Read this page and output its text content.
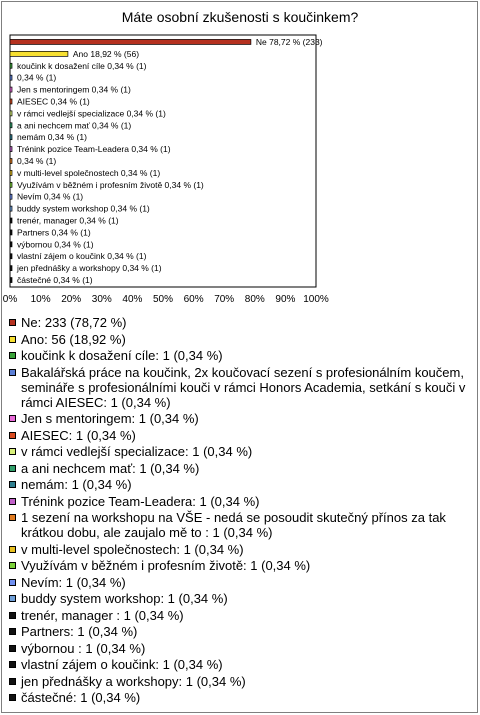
Máte osobní zkušenosti s koučinkem?
Ne 78,72 % (233)
Ano 18,92 % (56)
koučink k dosažení cíle 0,34 % (1)
0,34 % (1)
Jen s mentoringem 0,34 % (1)
AIESEC 0,34 % (1)
v rámci vedlejší specializace 0,34 % (1)
a ani nechcem mať 0,34 % (1)
nemám 0,34 % (1)
Trénink pozice Team-Leadera 0,34 % (1)
0,34 % (1)
v multi-level společnostech 0,34 % (1)
Využívám v běžném i profesním životě 0,34 % (1)
Nevím 0,34 % (1)
buddy system workshop 0,34 % (1)
trenér, manager 0,34 % (1)
Partners 0,34 % (1)
výbornou 0,34 % (1)
vlastní zájem o koučink 0,34 % (1)
jen přednášky a workshopy 0,34 % (1)
částečné 0,34 % (1)
0% 10% 20% 30% 40% 50% 60% 70% 80% 90% 100%
Ne: 233 (78,72 %)
Ano: 56 (18,92 %)
koučink k dosažení cíle: 1 (0,34 %)
Bakalářská práce na koučink, 2x koučovací sezení s profesionálním koučem, semináře s profesionálními kouči v rámci Honors Academia, setkání s kouči v rámci AIESEC: 1 (0,34 %)
Jen s mentoringem: 1 (0,34 %)
AIESEC: 1 (0,34 %)
v rámci vedlejší specializace: 1 (0,34 %)
a ani nechcem mať: 1 (0,34 %)
nemám: 1 (0,34 %)
Trénink pozice Team-Leadera: 1 (0,34 %)
1 sezení na workshopu na VŠE - nedá se posoudit skutečný přínos za tak krátkou dobu, ale zaujalo mě to : 1 (0,34 %)
v multi-level společnostech: 1 (0,34 %)
Využívám v běžném i profesním životě: 1 (0,34 %)
Nevím: 1 (0,34 %)
buddy system workshop: 1 (0,34 %)
trenér, manager : 1 (0,34 %)
Partners: 1 (0,34 %)
výbornou : 1 (0,34 %)
vlastní zájem o koučink: 1 (0,34 %)
jen přednášky a workshopy: 1 (0,34 %)
částečné: 1 (0,34 %)
